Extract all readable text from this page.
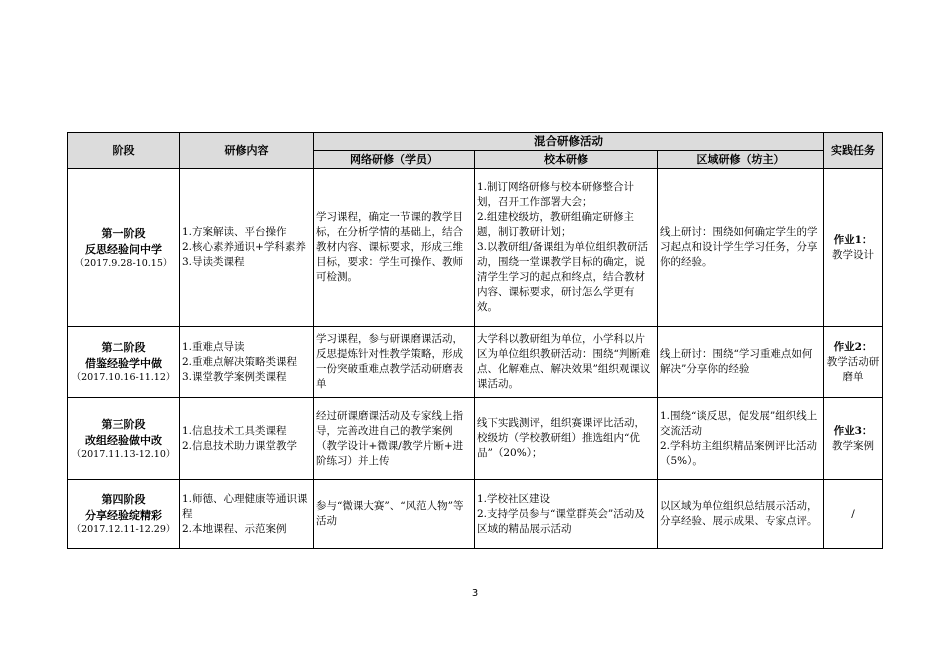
阶段	研修内容	混合研修活动			实践任务
		网络研修（学员）	校本研修	区域研修（坊主）	

第一阶段
反思经验问中学
（2017.9.28-10.15）	1.方案解读、平台操作
2.核心素养通识+学科素养
3.导读类课程	学习课程，确定一节课的教学目标，在分析学情的基础上，结合教材内容、课标要求，形成三维目标，要求：学生可操作、教师可检测。	1.制订网络研修与校本研修整合计划，召开工作部署大会；
2.组建校级坊，教研组确定研修主题，制订教研计划；
3.以教研组/备课组为单位组织教研活动，围绕一堂课教学目标的确定，说清学生学习的起点和终点，结合教材内容、课标要求，研讨怎么学更有效。	线上研讨：围绕如何确定学生的学习起点和设计学生学习任务，分享你的经验。	作业1：
教学设计

第二阶段
借鉴经验学中做
（2017.10.16-11.12）	1.重难点导读
2.重难点解决策略类课程
3.课堂教学案例类课程	学习课程，参与研课磨课活动，反思提炼针对性教学策略，形成一份突破重难点教学活动研磨表单	大学科以教研组为单位，小学科以片区为单位组织教研活动：围绕“判断难点、化解难点、解决效果”组织观课议课活动。	线上研讨：围绕“学习重难点如何解决”分享你的经验	作业2：
教学活动研磨单

第三阶段
改组经验做中改
（2017.11.13-12.10）	1.信息技术工具类课程
2.信息技术助力课堂教学	经过研课磨课活动及专家线上指导，完善改进自己的教学案例（教学设计+微课/教学片断+进阶练习）并上传	线下实践测评，组织赛课评比活动，校级坊（学校教研组）推选组内“优品”（20%）；	1.围绕“谈反思，促发展”组织线上交流活动
2.学科坊主组织精品案例评比活动（5%）。	作业3：
教学案例

第四阶段
分享经验绽精彩
（2017.12.11-12.29）	1.师德、心理健康等通识课程
2.本地课程、示范案例	参与“微课大赛”、“风范人物”等活动	1.学校社区建设
2.支持学员参与“课堂群英会”活动及区域的精品展示活动	以区域为单位组织总结展示活动，分享经验、展示成果、专家点评。	/
3
